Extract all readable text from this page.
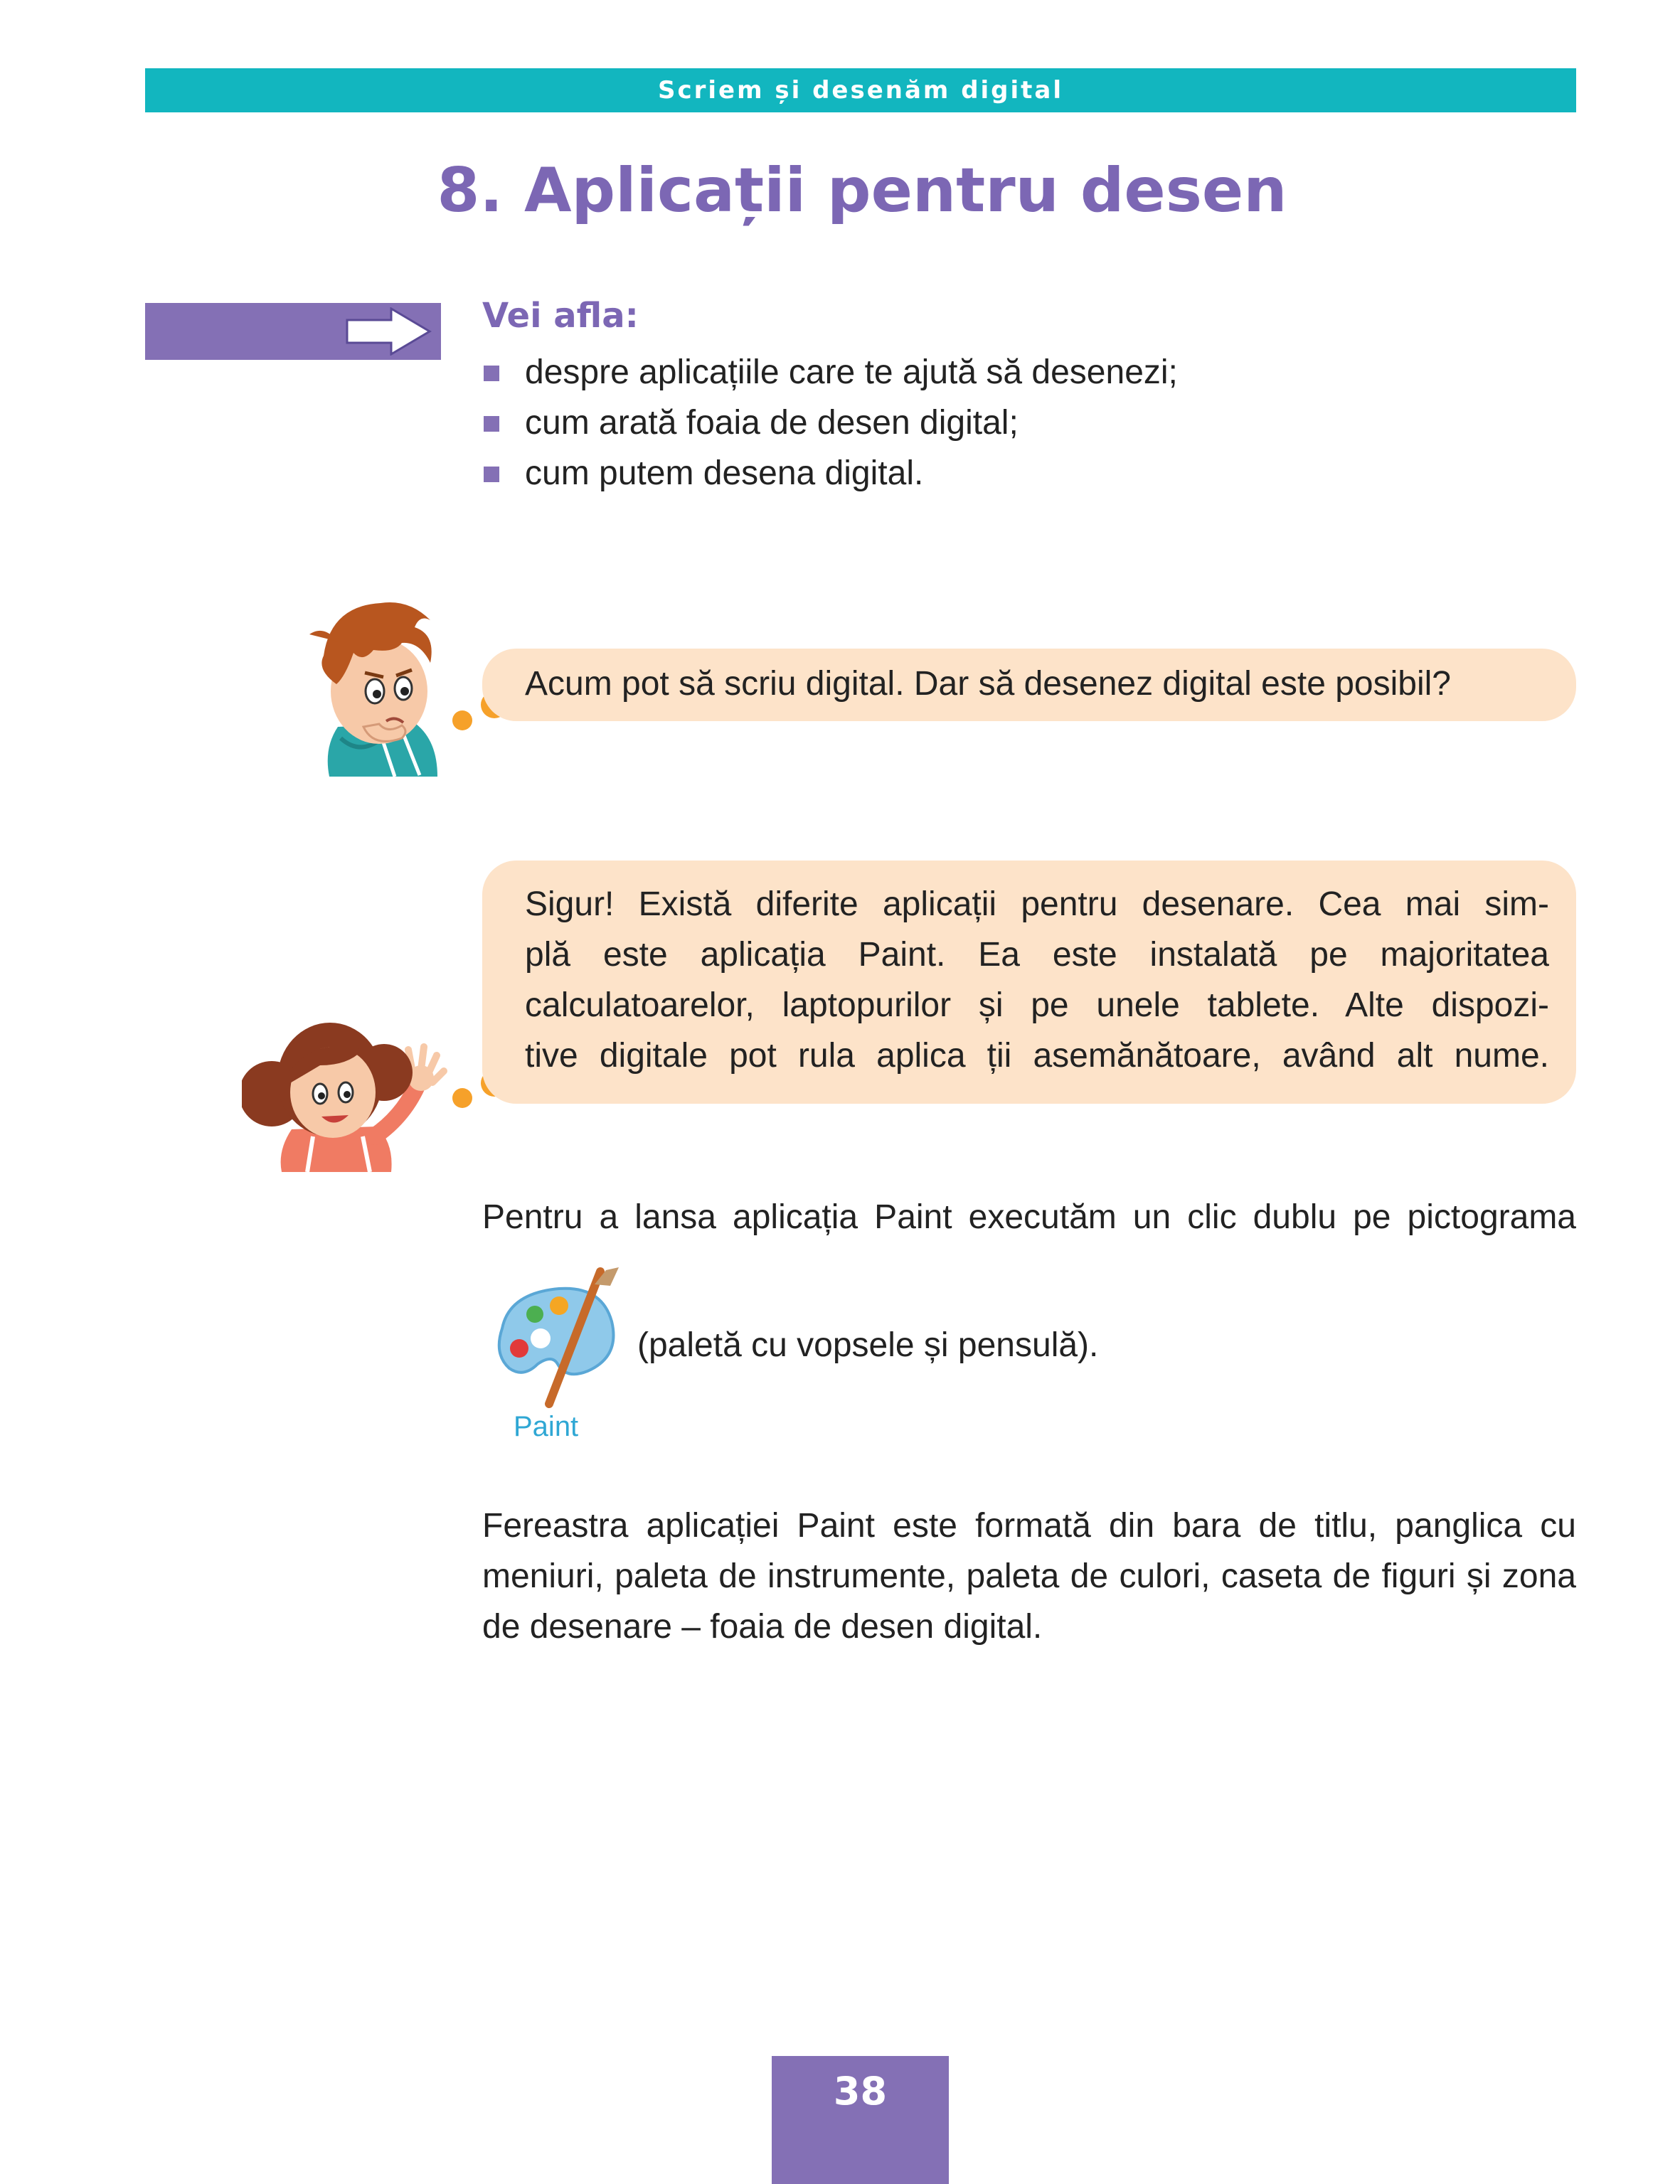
Scriem și desenăm digital
8. Aplicații pentru desen
Vei afla:
despre aplicațiile care te ajută să desenezi;
cum arată foaia de desen digital;
cum putem desena digital.
Acum pot să scriu digital. Dar să desenez digital este posibil?
Sigur! Există diferite aplicații pentru desenare. Cea mai sim-
plă este aplicația Paint. Ea este instalată pe majoritatea
calculatoarelor, laptopurilor și pe unele tablete. Alte dispozi-
tive digitale pot rula aplica ții asemănătoare, având alt nume.

Pentru a lansa aplicația Paint executăm un clic dublu pe pictograma

Paint
(paletă cu vopsele și pensulă).

Fereastra aplicației Paint este formată din bara de titlu, panglica cu meniuri, paleta de instrumente, paleta de culori, caseta de figuri și zona de desenare – foaia de desen digital.

38
